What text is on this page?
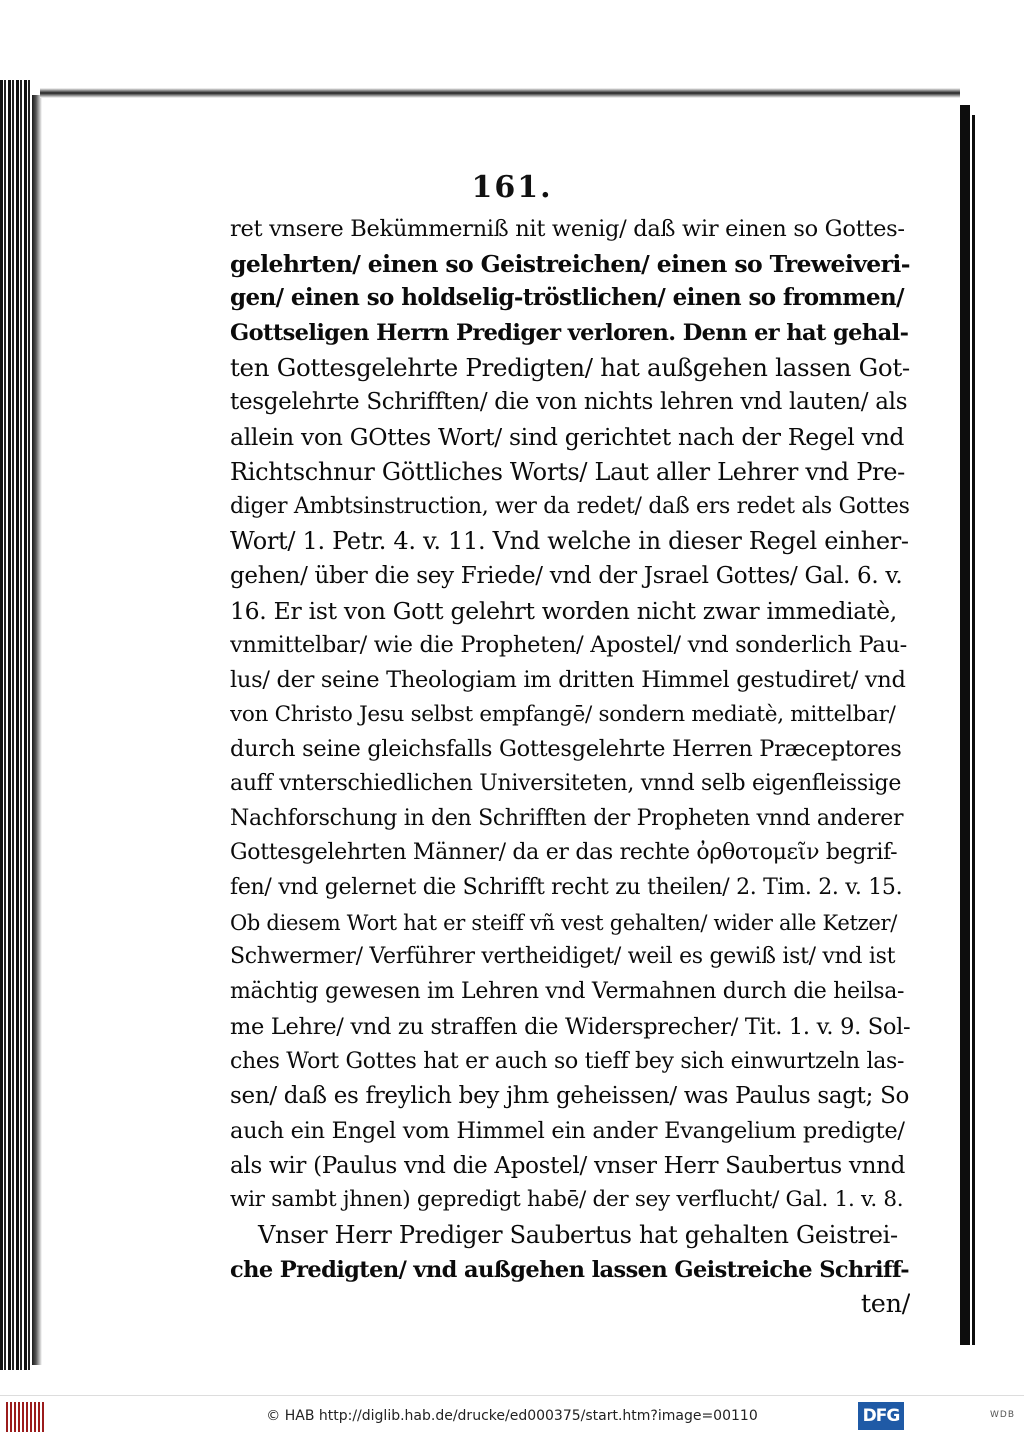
161.
ret vnsere Bekümmerniß nit wenig/ daß wir einen so Gottes-
gelehrten/ einen so Geistreichen/ einen so Treweiveri-
gen/ einen so holdselig-tröstlichen/ einen so frommen/
Gottseligen Herrn Prediger verloren. Denn er hat gehal-
ten Gottesgelehrte Predigten/ hat außgehen lassen Got-
tesgelehrte Schrifften/ die von nichts lehren vnd lauten/ als
allein von GOttes Wort/ sind gerichtet nach der Regel vnd
Richtschnur Göttliches Worts/ Laut aller Lehrer vnd Pre-
diger Ambtsinstruction, wer da redet/ daß ers redet als Gottes
Wort/ 1. Petr. 4. v. 11. Vnd welche in dieser Regel einher-
gehen/ über die sey Friede/ vnd der Jsrael Gottes/ Gal. 6. v.
16. Er ist von Gott gelehrt worden nicht zwar immediatè,
vnmittelbar/ wie die Propheten/ Apostel/ vnd sonderlich Pau-
lus/ der seine Theologiam im dritten Himmel gestudiret/ vnd
von Christo Jesu selbst empfangē/ sondern mediatè, mittelbar/
durch seine gleichsfalls Gottesgelehrte Herren Præceptores
auff vnterschiedlichen Universiteten, vnnd selb eigenfleissige
Nachforschung in den Schrifften der Propheten vnnd anderer
Gottesgelehrten Männer/ da er das rechte ὀρθοτομεῖν begrif-
fen/ vnd gelernet die Schrifft recht zu theilen/ 2. Tim. 2. v. 15.
Ob diesem Wort hat er steiff vñ vest gehalten/ wider alle Ketzer/
Schwermer/ Verführer vertheidiget/ weil es gewiß ist/ vnd ist
mächtig gewesen im Lehren vnd Vermahnen durch die heilsa-
me Lehre/ vnd zu straffen die Widersprecher/ Tit. 1. v. 9. Sol-
ches Wort Gottes hat er auch so tieff bey sich einwurtzeln las-
sen/ daß es freylich bey jhm geheissen/ was Paulus sagt; So
auch ein Engel vom Himmel ein ander Evangelium predigte/
als wir (Paulus vnd die Apostel/ vnser Herr Saubertus vnnd
wir sambt jhnen) gepredigt habē/ der sey verflucht/ Gal. 1. v. 8.
Vnser Herr Prediger Saubertus hat gehalten Geistrei-
che Predigten/ vnd außgehen lassen Geistreiche Schriff-
ten/
© HAB http://diglib.hab.de/drucke/ed000375/start.htm?image=00110	DFG	WDB
